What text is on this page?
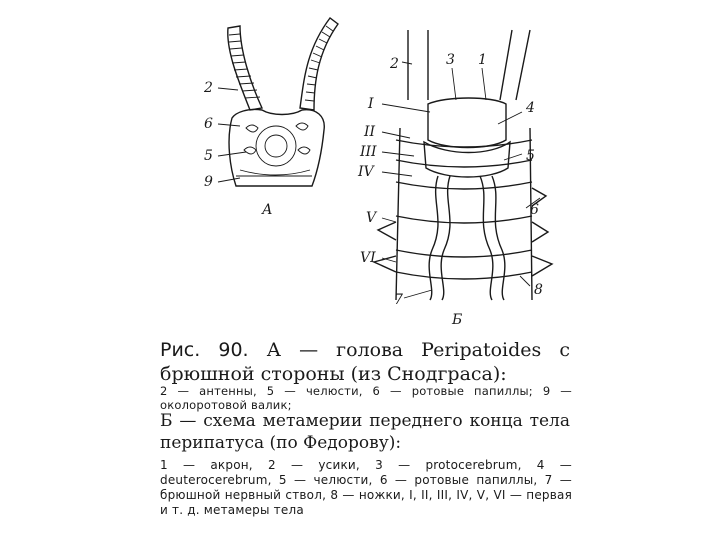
2
6
5
9
А
2	3 1
I
II
III
IV
V
VI
4
5
6
8
7
Б
Рис. 90. А — голова Peripatoides с брюшной стороны (из Снодграса):
2 — антенны, 5 — челюсти, 6 — ротовые папиллы; 9 — околоротовой валик;
Б — схема метамерии переднего конца тела перипатуса (по Федорову):
1 — акрон, 2 — усики, 3 — protocerebrum, 4 — deuterocerebrum, 5 — челюсти, 6 — ротовые папиллы, 7 — брюшной нервный ствол, 8 — ножки, I, II, III, IV, V, VI — первая и т. д. метамеры тела
